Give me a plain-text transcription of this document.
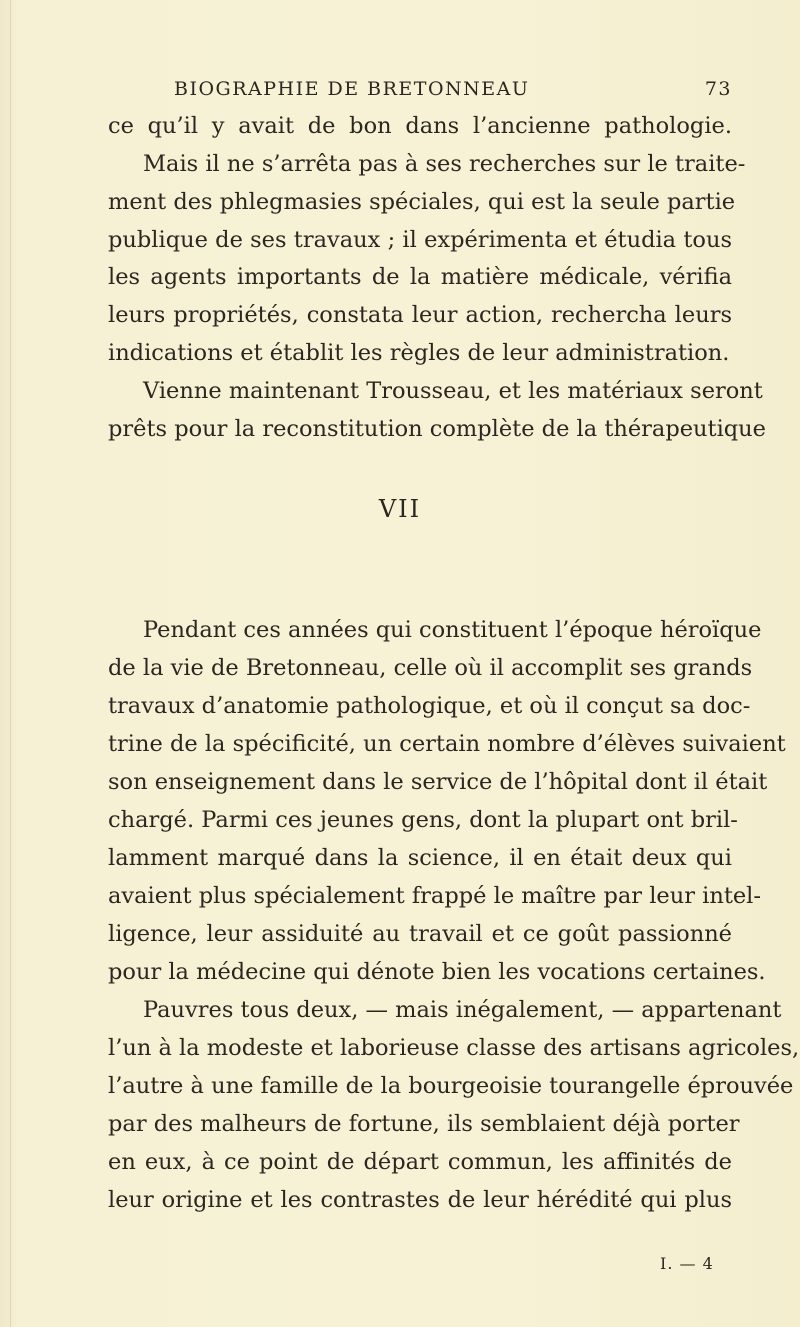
BIOGRAPHIE DE BRETONNEAU	73
ce qu’il y avait de bon dans l’ancienne pathologie.
Mais il ne s’arrêta pas à ses recherches sur le traite-
ment des phlegmasies spéciales, qui est la seule partie
publique de ses travaux ; il expérimenta et étudia tous
les agents importants de la matière médicale, vérifia
leurs propriétés, constata leur action, rechercha leurs
indications et établit les règles de leur administration.
Vienne maintenant Trousseau, et les matériaux seront
prêts pour la reconstitution complète de la thérapeutique
VII
Pendant ces années qui constituent l’époque héroïque
de la vie de Bretonneau, celle où il accomplit ses grands
travaux d’anatomie pathologique, et où il conçut sa doc-
trine de la spécificité, un certain nombre d’élèves suivaient
son enseignement dans le service de l’hôpital dont il était
chargé. Parmi ces jeunes gens, dont la plupart ont bril-
lamment marqué dans la science, il en était deux qui
avaient plus spécialement frappé le maître par leur intel-
ligence, leur assiduité au travail et ce goût passionné
pour la médecine qui dénote bien les vocations certaines.
Pauvres tous deux, — mais inégalement, — appartenant
l’un à la modeste et laborieuse classe des artisans agricoles,
l’autre à une famille de la bourgeoisie tourangelle éprouvée
par des malheurs de fortune, ils semblaient déjà porter
en eux, à ce point de départ commun, les affinités de
leur origine et les contrastes de leur hérédité qui plus
I. — 4
